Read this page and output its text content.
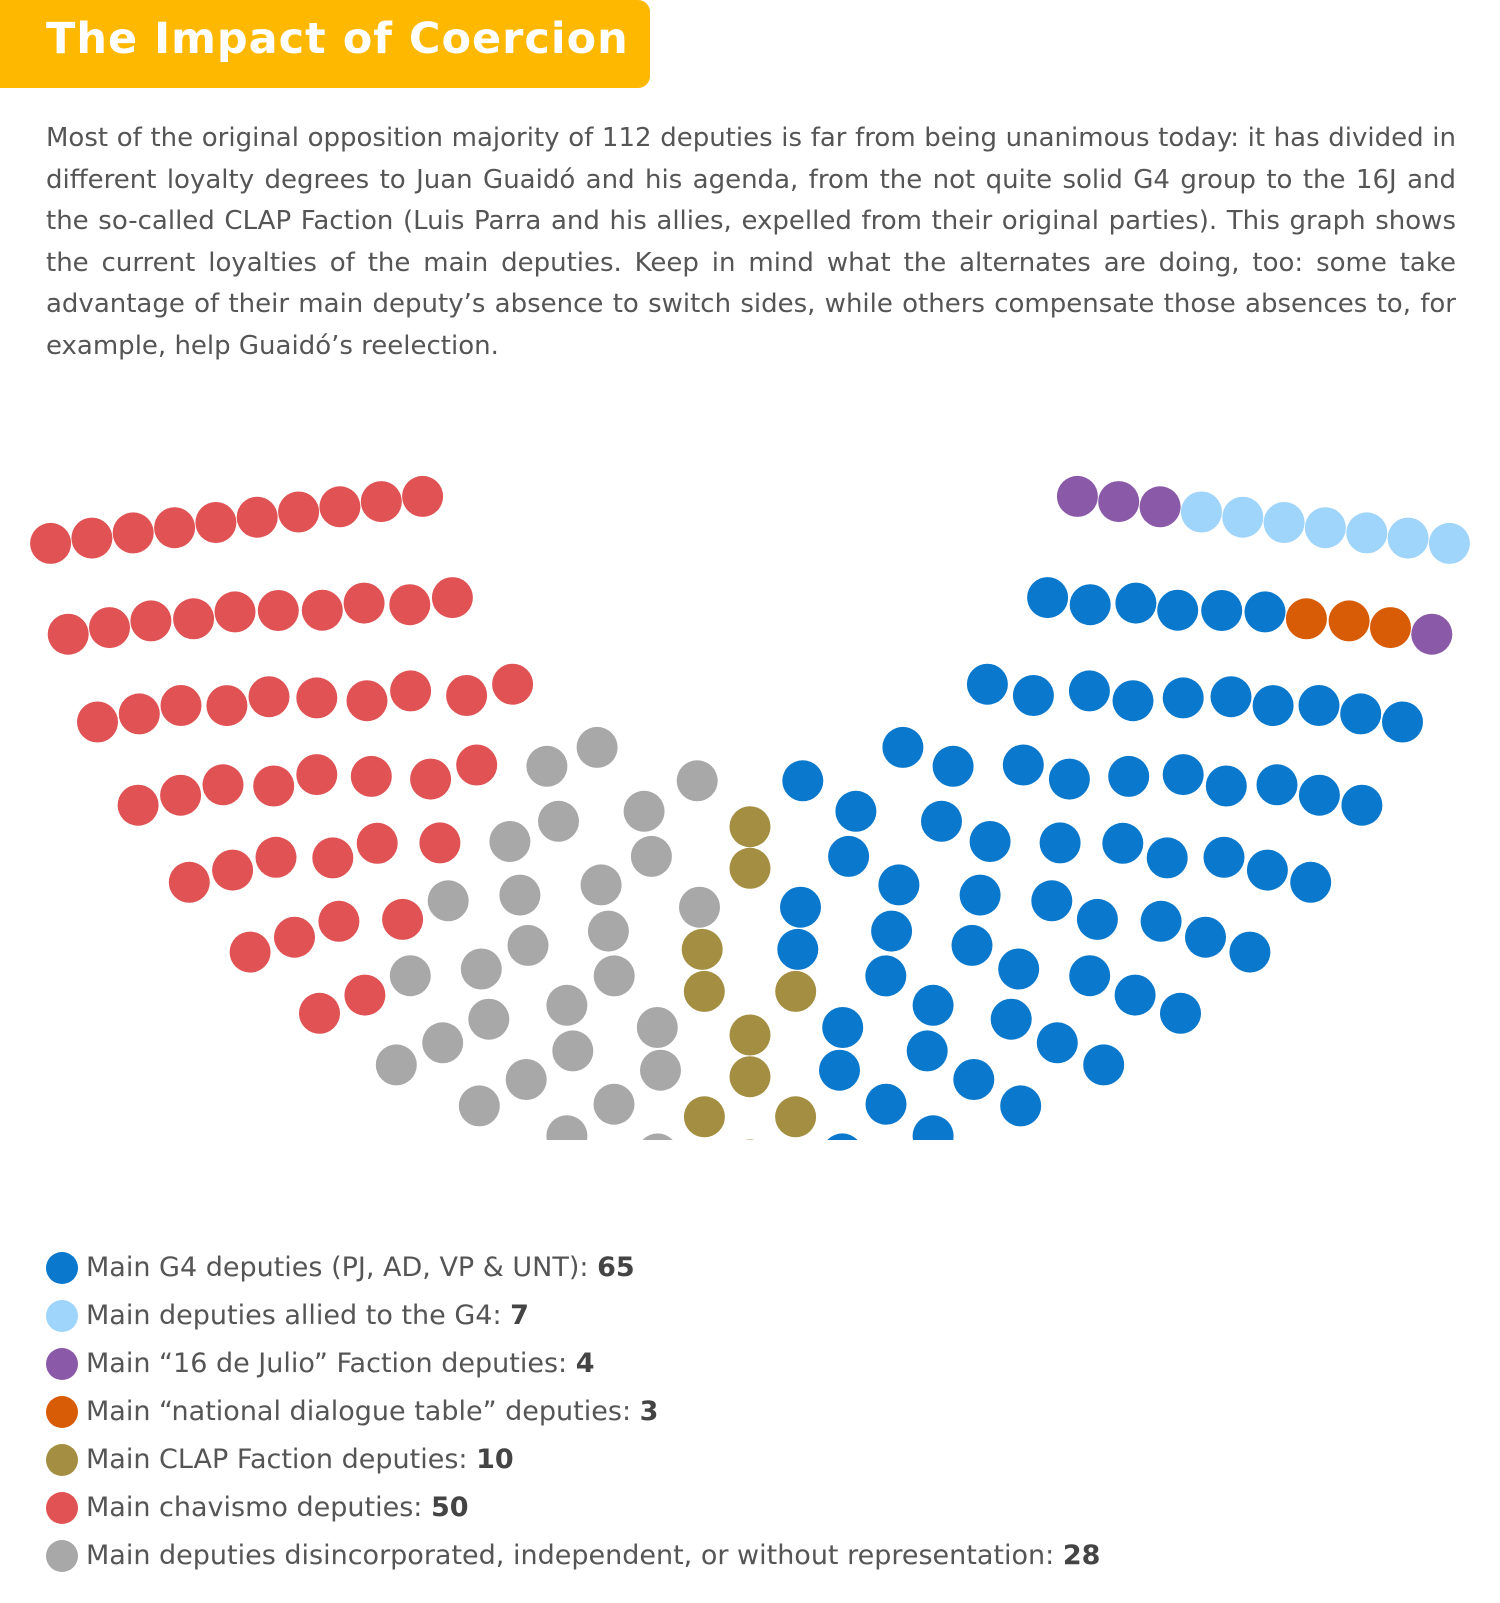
The Impact of Coercion

Most of the original opposition majority of 112 deputies is far from being unanimous today: it has divided in different loyalty degrees to Juan Guaidó and his agenda, from the not quite solid G4 group to the 16J and the so-called CLAP Faction (Luis Parra and his allies, expelled from their original parties). This graph shows the current loyalties of the main deputies. Keep in mind what the alternates are doing, too: some take advantage of their main deputy’s absence to switch sides, while others compensate those absences to, for example, help Guaidó’s reelection.

Main G4 deputies (PJ, AD, VP & UNT): 65
Main deputies allied to the G4: 7
Main “16 de Julio” Faction deputies: 4
Main “national dialogue table” deputies: 3
Main CLAP Faction deputies: 10
Main chavismo deputies: 50
Main deputies disincorporated, independent, or without representation: 28
